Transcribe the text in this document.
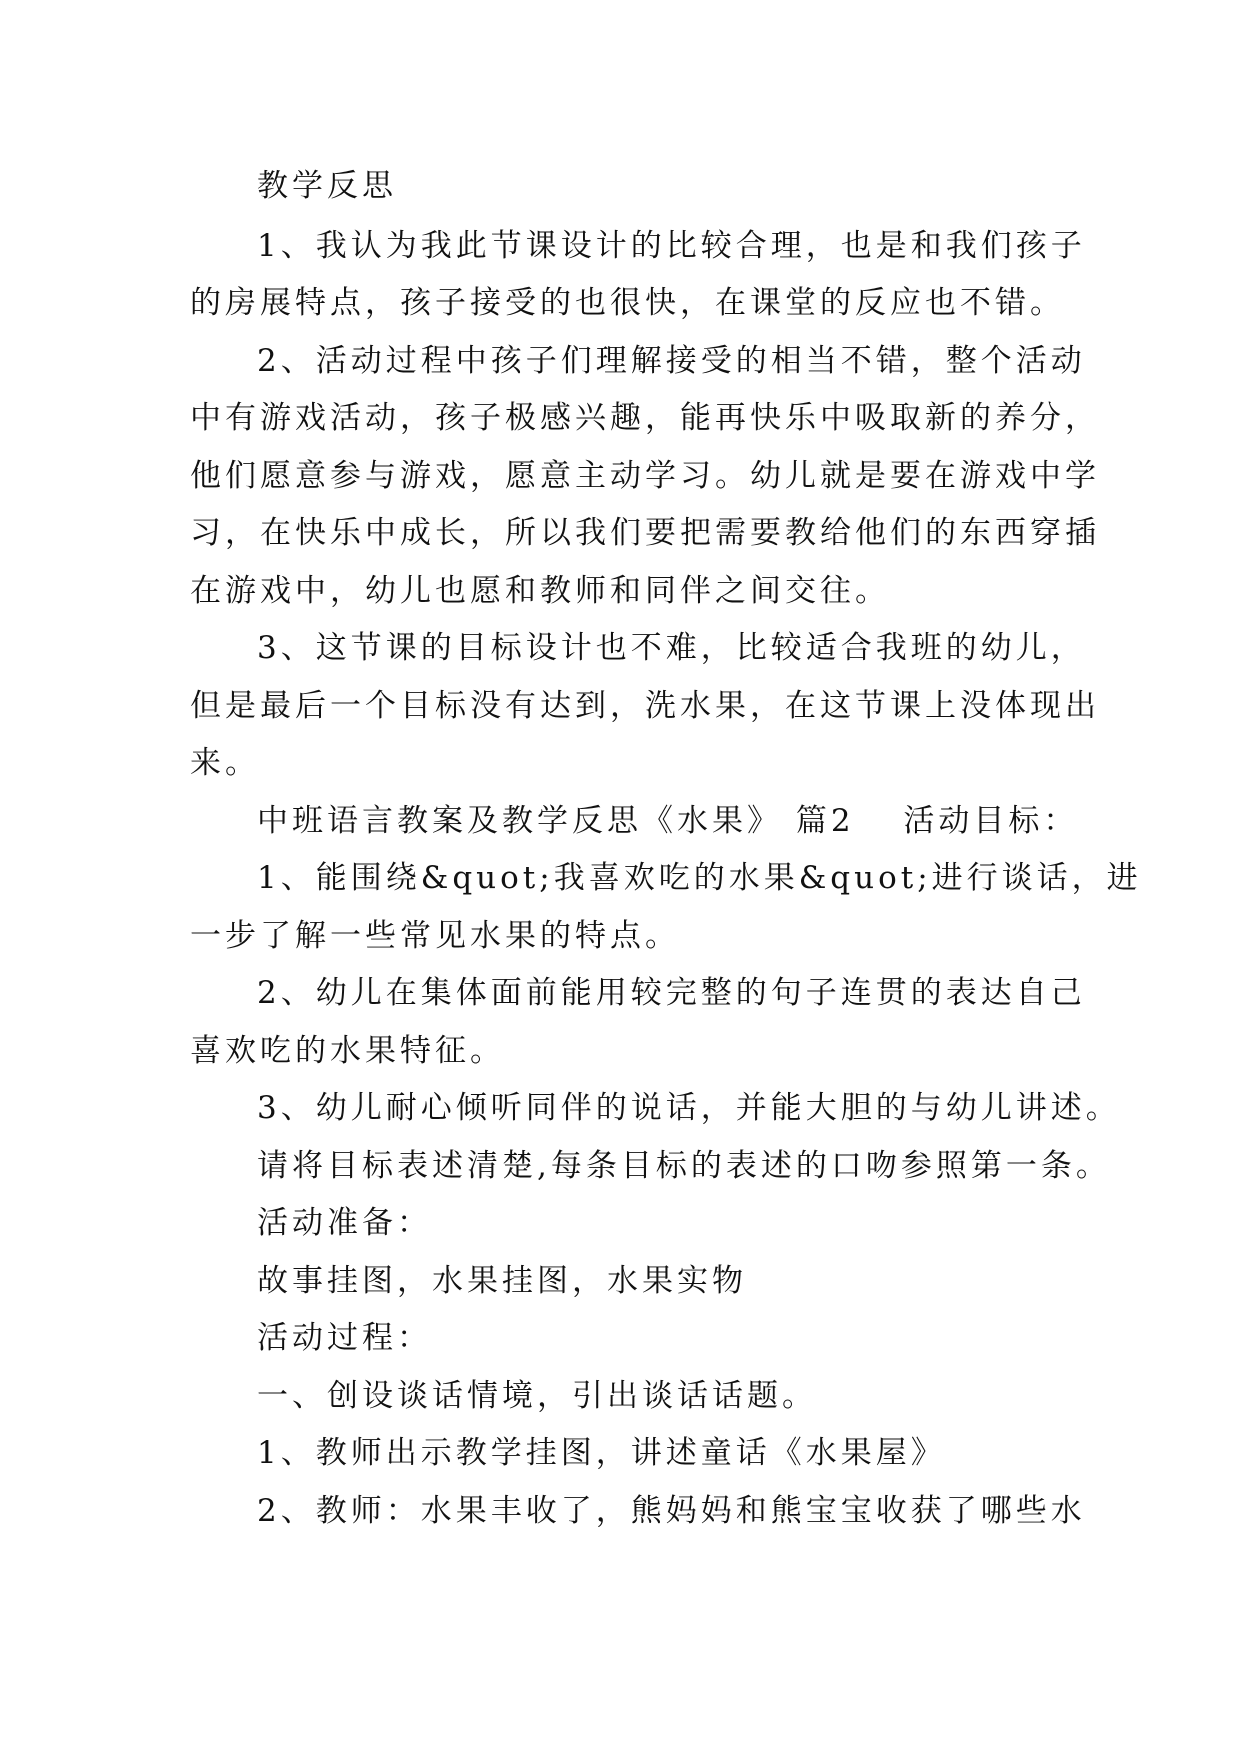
教学反思

1、我认为我此节课设计的比较合理，也是和我们孩子

的房展特点，孩子接受的也很快，在课堂的反应也不错。

2、活动过程中孩子们理解接受的相当不错，整个活动

中有游戏活动，孩子极感兴趣，能再快乐中吸取新的养分，

他们愿意参与游戏，愿意主动学习。幼儿就是要在游戏中学

习，在快乐中成长，所以我们要把需要教给他们的东西穿插

在游戏中，幼儿也愿和教师和同伴之间交往。

3、这节课的目标设计也不难，比较适合我班的幼儿，

但是最后一个目标没有达到，洗水果，在这节课上没体现出

来。

中班语言教案及教学反思《水果》 篇2 　活动目标：

1、能围绕&quot;我喜欢吃的水果&quot;进行谈话，进

一步了解一些常见水果的特点。

2、幼儿在集体面前能用较完整的句子连贯的表达自己

喜欢吃的水果特征。

3、幼儿耐心倾听同伴的说话，并能大胆的与幼儿讲述。

请将目标表述清楚,每条目标的表述的口吻参照第一条。

活动准备：

故事挂图，水果挂图，水果实物

活动过程：

一、创设谈话情境，引出谈话话题。

1、教师出示教学挂图，讲述童话《水果屋》

2、教师：水果丰收了，熊妈妈和熊宝宝收获了哪些水
